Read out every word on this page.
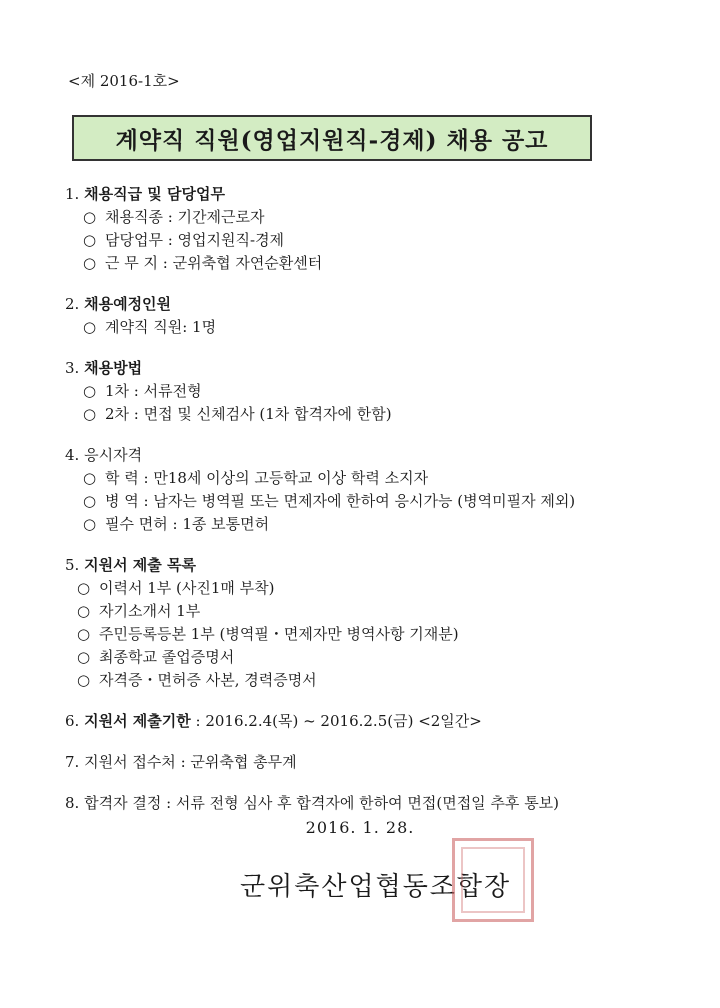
<제 2016-1호>
계약직 직원(영업지원직-경제) 채용 공고
1. 채용직급 및 담당업무
○ 채용직종 : 기간제근로자
○ 담당업무 : 영업지원직-경제
○ 근 무 지 : 군위축협 자연순환센터
2. 채용예정인원
○ 계약직 직원: 1명
3. 채용방법
○ 1차 : 서류전형
○ 2차 : 면접 및 신체검사 (1차 합격자에 한함)
4. 응시자격
○ 학 력 : 만18세 이상의 고등학교 이상 학력 소지자
○ 병 역 : 남자는 병역필 또는 면제자에 한하여 응시가능 (병역미필자 제외)
○ 필수 면허 : 1종 보통면허
5. 지원서 제출 목록
○ 이력서 1부 (사진1매 부착)
○ 자기소개서 1부
○ 주민등록등본 1부 (병역필・면제자만 병역사항 기재분)
○ 최종학교 졸업증명서
○ 자격증・면허증 사본, 경력증명서
6. 지원서 제출기한 : 2016.2.4(목) ~ 2016.2.5(금) <2일간>
7. 지원서 접수처 : 군위축협 총무계
8. 합격자 결정 : 서류 전형 심사 후 합격자에 한하여 면접(면접일 추후 통보)
2016. 1. 28.
군위축산업협동조합장
